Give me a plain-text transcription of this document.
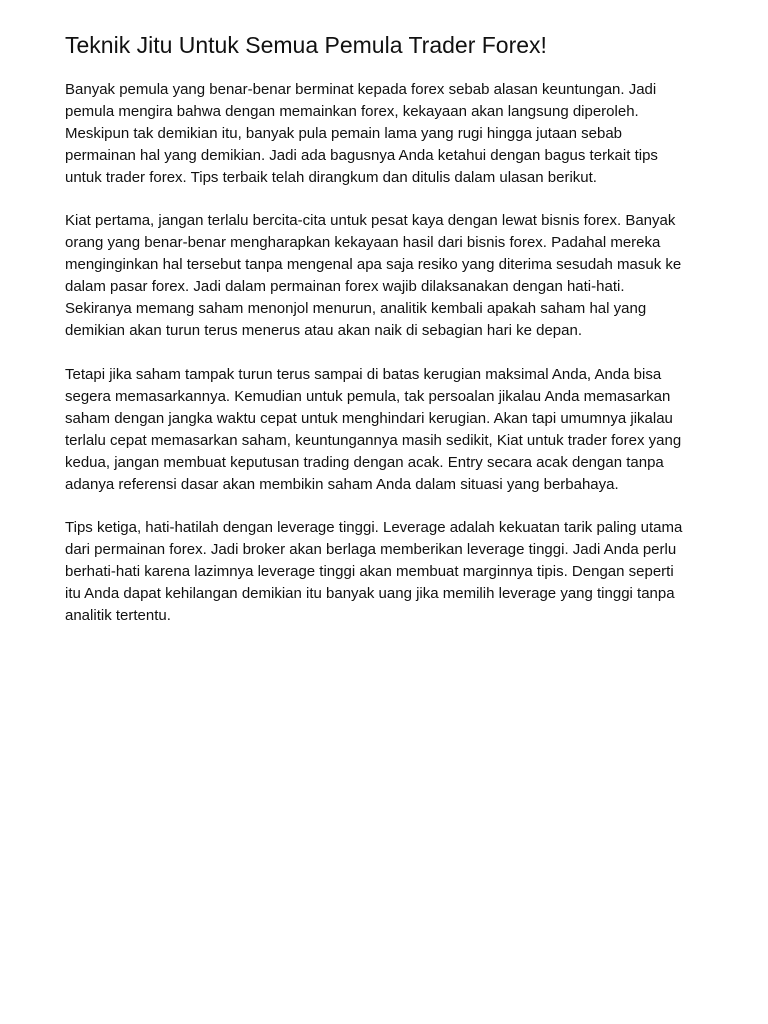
Teknik Jitu Untuk Semua Pemula Trader Forex!

Banyak pemula yang benar-benar berminat kepada forex sebab alasan keuntungan. Jadi
pemula mengira bahwa dengan memainkan forex, kekayaan akan langsung diperoleh.
Meskipun tak demikian itu, banyak pula pemain lama yang rugi hingga jutaan sebab
permainan hal yang demikian. Jadi ada bagusnya Anda ketahui dengan bagus terkait tips
untuk trader forex. Tips terbaik telah dirangkum dan ditulis dalam ulasan berikut.

Kiat pertama, jangan terlalu bercita-cita untuk pesat kaya dengan lewat bisnis forex. Banyak
orang yang benar-benar mengharapkan kekayaan hasil dari bisnis forex. Padahal mereka
menginginkan hal tersebut tanpa mengenal apa saja resiko yang diterima sesudah masuk ke
dalam pasar forex. Jadi dalam permainan forex wajib dilaksanakan dengan hati-hati.
Sekiranya memang saham menonjol menurun, analitik kembali apakah saham hal yang
demikian akan turun terus menerus atau akan naik di sebagian hari ke depan.

Tetapi jika saham tampak turun terus sampai di batas kerugian maksimal Anda, Anda bisa
segera memasarkannya. Kemudian untuk pemula, tak persoalan jikalau Anda memasarkan
saham dengan jangka waktu cepat untuk menghindari kerugian. Akan tapi umumnya jikalau
terlalu cepat memasarkan saham, keuntungannya masih sedikit, Kiat untuk trader forex yang
kedua, jangan membuat keputusan trading dengan acak. Entry secara acak dengan tanpa
adanya referensi dasar akan membikin saham Anda dalam situasi yang berbahaya.

Tips ketiga, hati-hatilah dengan leverage tinggi. Leverage adalah kekuatan tarik paling utama
dari permainan forex. Jadi broker akan berlaga memberikan leverage tinggi. Jadi Anda perlu
berhati-hati karena lazimnya leverage tinggi akan membuat marginnya tipis. Dengan seperti
itu Anda dapat kehilangan demikian itu banyak uang jika memilih leverage yang tinggi tanpa
analitik tertentu.
